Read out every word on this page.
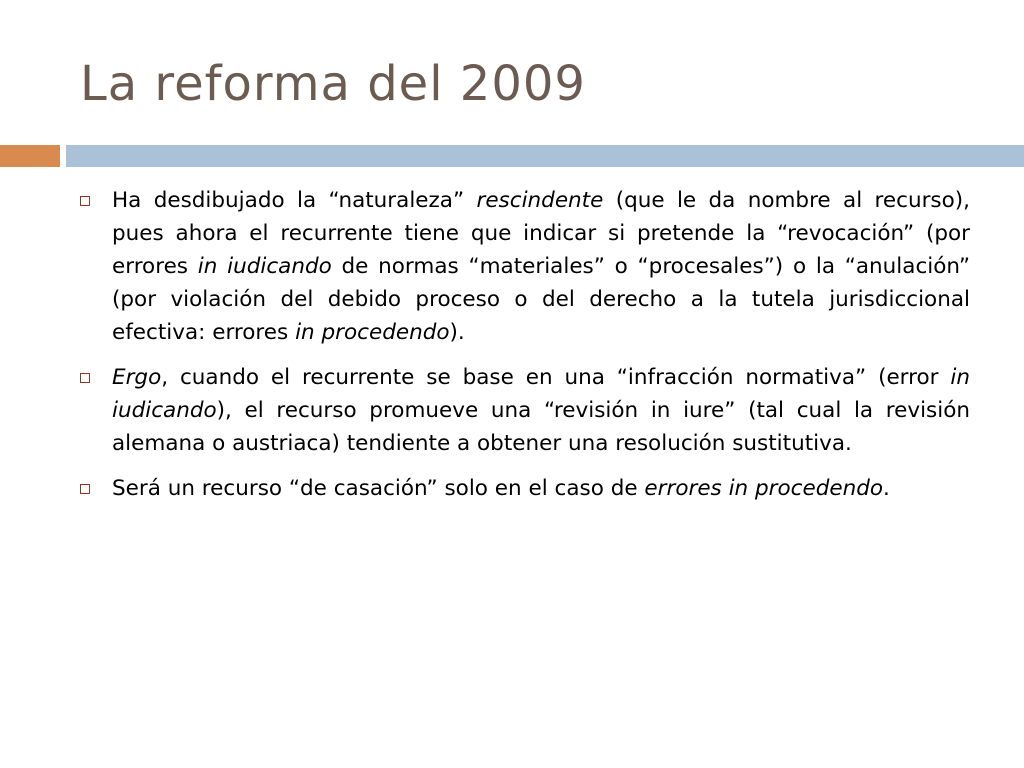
La reforma del 2009

Ha desdibujado la “naturaleza” rescindente (que le da nombre al recurso), pues ahora el recurrente tiene que indicar si pretende la “revocación” (por errores in iudicando de normas “materiales” o “procesales”) o la “anulación” (por violación del debido proceso o del derecho a la tutela jurisdiccional efectiva: errores in procedendo).

Ergo, cuando el recurrente se base en una “infracción normativa” (error in iudicando), el recurso promueve una “revisión in iure” (tal cual la revisión alemana o austriaca) tendiente a obtener una resolución sustitutiva.

Será un recurso “de casación” solo en el caso de errores in procedendo.
